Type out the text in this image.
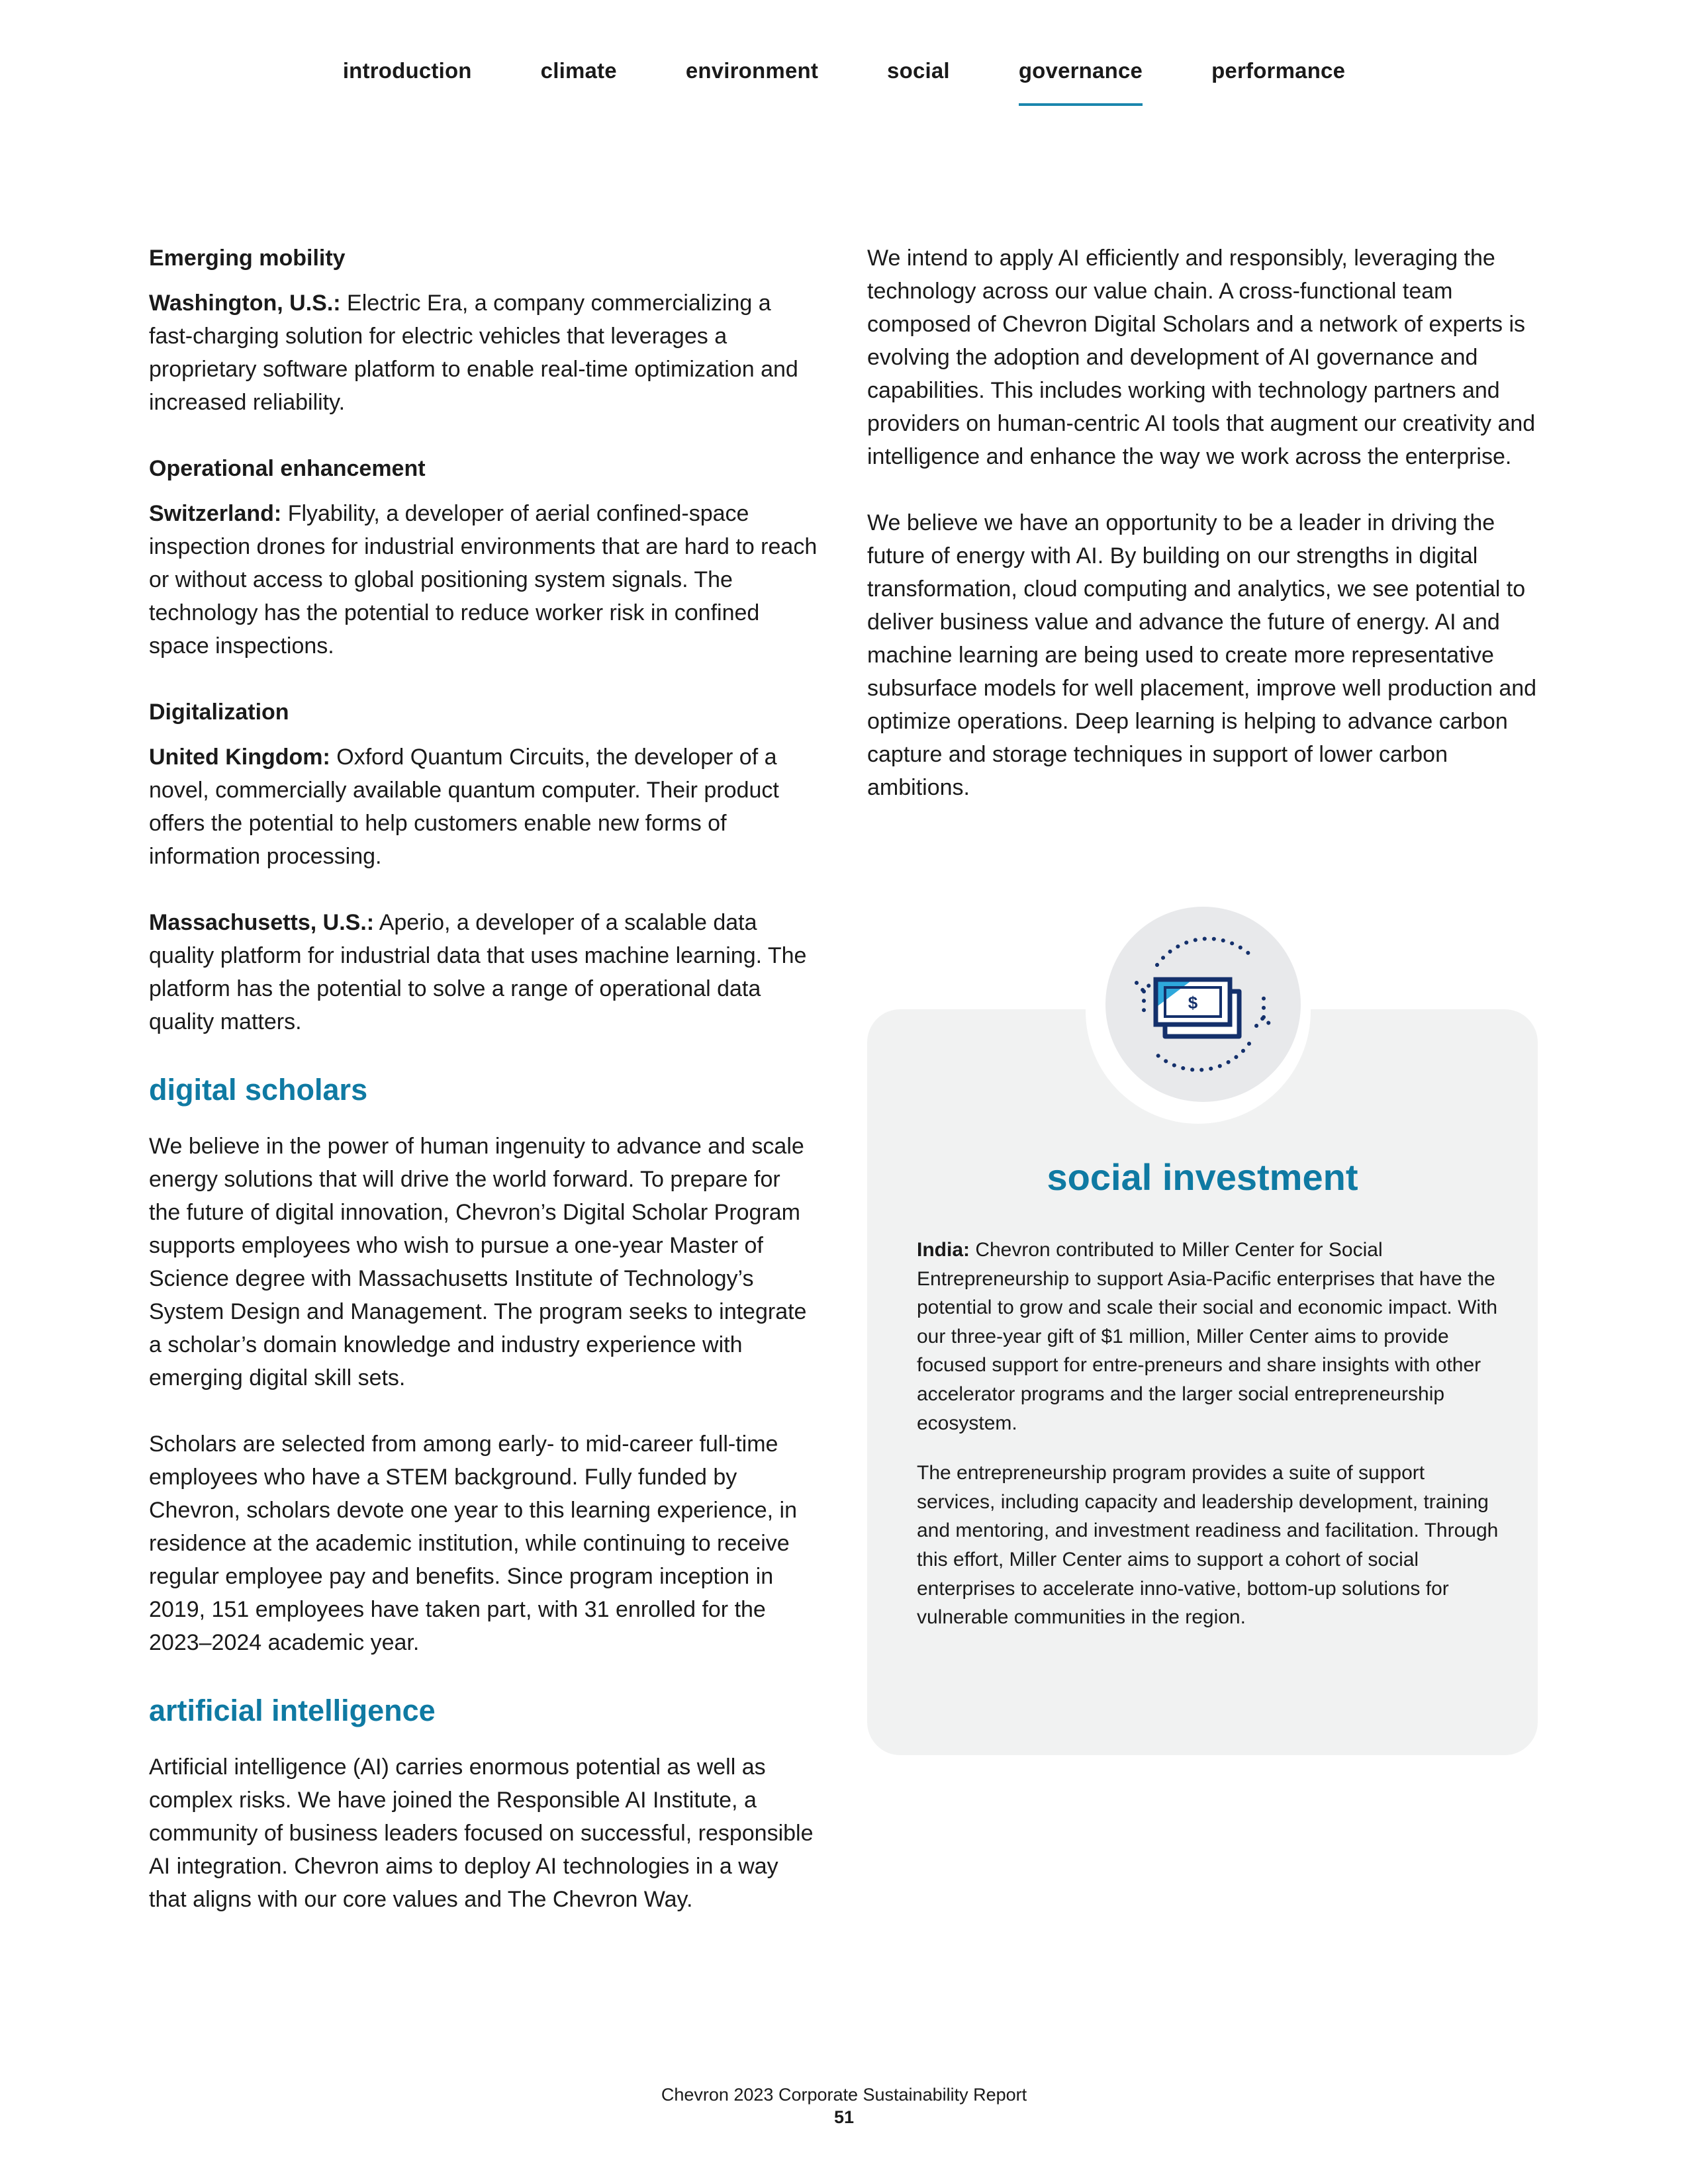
introduction	climate	environment	social	governance	performance

Emerging mobility

Washington, U.S.: Electric Era, a company commercializing a fast-charging solution for electric vehicles that leverages a proprietary software platform to enable real-time optimization and increased reliability.

Operational enhancement

Switzerland: Flyability, a developer of aerial confined-space inspection drones for industrial environments that are hard to reach or without access to global positioning system signals. The technology has the potential to reduce worker risk in confined space inspections.

Digitalization

United Kingdom: Oxford Quantum Circuits, the developer of a novel, commercially available quantum computer. Their product offers the potential to help customers enable new forms of information processing.

Massachusetts, U.S.: Aperio, a developer of a scalable data quality platform for industrial data that uses machine learning. The platform has the potential to solve a range of operational data quality matters.

digital scholars

We believe in the power of human ingenuity to advance and scale energy solutions that will drive the world forward. To prepare for the future of digital innovation, Chevron’s Digital Scholar Program supports employees who wish to pursue a one-year Master of Science degree with Massachusetts Institute of Technology’s System Design and Management. The program seeks to integrate a scholar’s domain knowledge and industry experience with emerging digital skill sets.

Scholars are selected from among early- to mid-career full-time employees who have a STEM background. Fully funded by Chevron, scholars devote one year to this learning experience, in residence at the academic institution, while continuing to receive regular employee pay and benefits. Since program inception in 2019, 151 employees have taken part, with 31 enrolled for the 2023–2024 academic year.

artificial intelligence

Artificial intelligence (AI) carries enormous potential as well as complex risks. We have joined the Responsible AI Institute, a community of business leaders focused on successful, responsible AI integration. Chevron aims to deploy AI technologies in a way that aligns with our core values and The Chevron Way.

We intend to apply AI efficiently and responsibly, leveraging the technology across our value chain. A cross-functional team composed of Chevron Digital Scholars and a network of experts is evolving the adoption and development of AI governance and capabilities. This includes working with technology partners and providers on human-centric AI tools that augment our creativity and intelligence and enhance the way we work across the enterprise.

We believe we have an opportunity to be a leader in driving the future of energy with AI. By building on our strengths in digital transformation, cloud computing and analytics, we see potential to deliver business value and advance the future of energy. AI and machine learning are being used to create more representative subsurface models for well placement, improve well production and optimize operations. Deep learning is helping to advance carbon capture and storage techniques in support of lower carbon ambitions.

$
social investment

India: Chevron contributed to Miller Center for Social Entrepreneurship to support Asia-Pacific enterprises that have the potential to grow and scale their social and economic impact. With our three-year gift of $1 million, Miller Center aims to provide focused support for entre-preneurs and share insights with other accelerator programs and the larger social entrepreneurship ecosystem.

The entrepreneurship program provides a suite of support services, including capacity and leadership development, training and mentoring, and investment readiness and facilitation. Through this effort, Miller Center aims to support a cohort of social enterprises to accelerate inno-vative, bottom-up solutions for vulnerable communities in the region.

Chevron 2023 Corporate Sustainability Report
51
